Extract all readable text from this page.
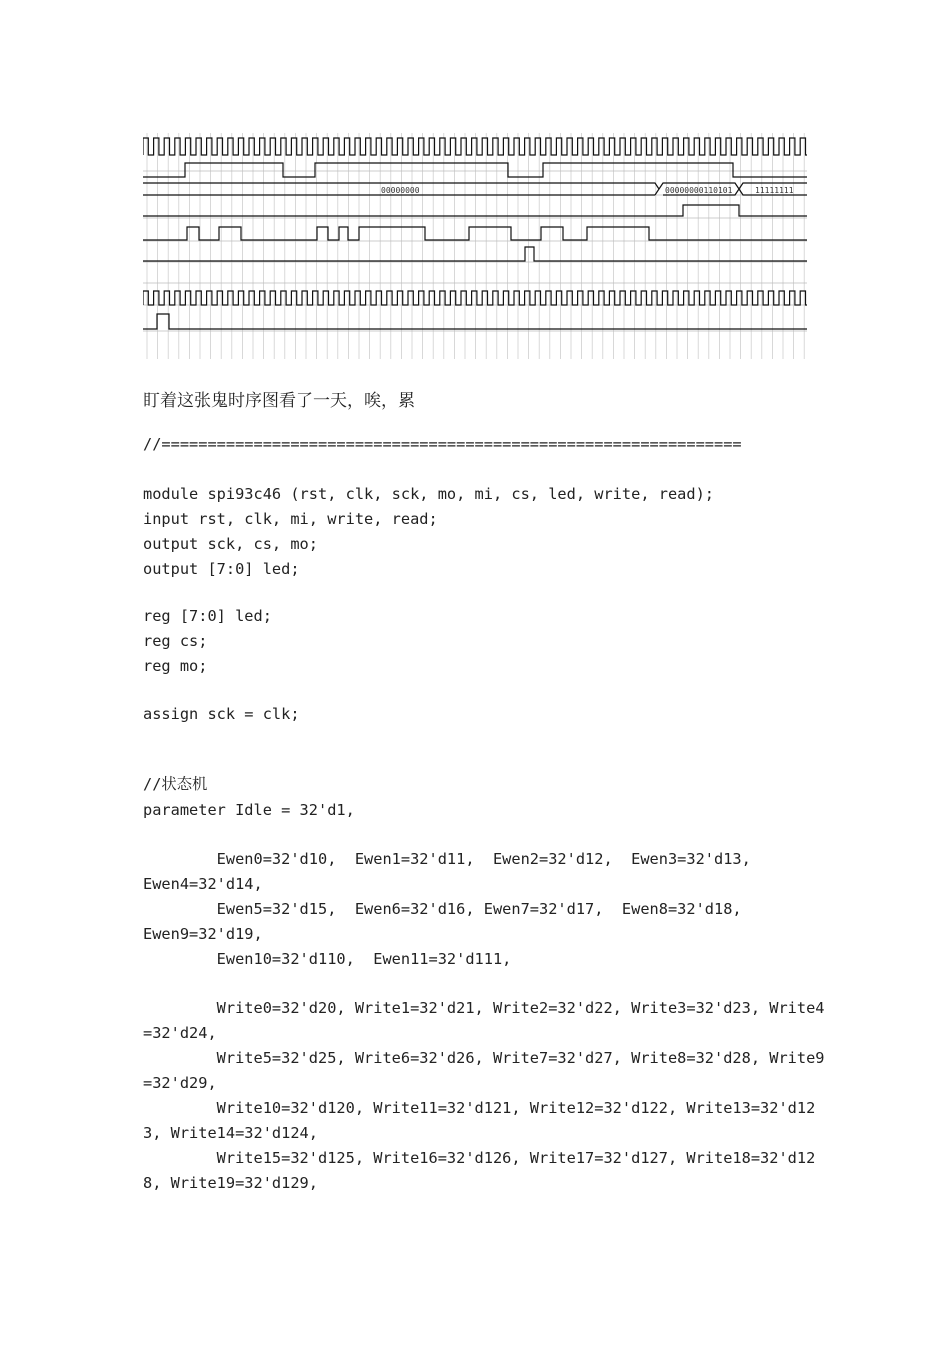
00000000	00000000110101	11111111
盯着这张鬼时序图看了一天，唉，累
//===============================================================
module spi93c46 (rst, clk, sck, mo, mi, cs, led, write, read);
input rst, clk, mi, write, read;
output sck, cs, mo;
output [7:0] led;
reg [7:0] led;
reg cs;
reg mo;
assign sck = clk;
//状态机
parameter Idle = 32'd1,
Ewen0=32'd10,  Ewen1=32'd11,  Ewen2=32'd12,  Ewen3=32'd13,
Ewen4=32'd14,
Ewen5=32'd15,  Ewen6=32'd16, Ewen7=32'd17,  Ewen8=32'd18,
Ewen9=32'd19,
Ewen10=32'd110,  Ewen11=32'd111,
Write0=32'd20, Write1=32'd21, Write2=32'd22, Write3=32'd23, Write4
=32'd24,
Write5=32'd25, Write6=32'd26, Write7=32'd27, Write8=32'd28, Write9
=32'd29,
Write10=32'd120, Write11=32'd121, Write12=32'd122, Write13=32'd12
3, Write14=32'd124,
Write15=32'd125, Write16=32'd126, Write17=32'd127, Write18=32'd12
8, Write19=32'd129,
